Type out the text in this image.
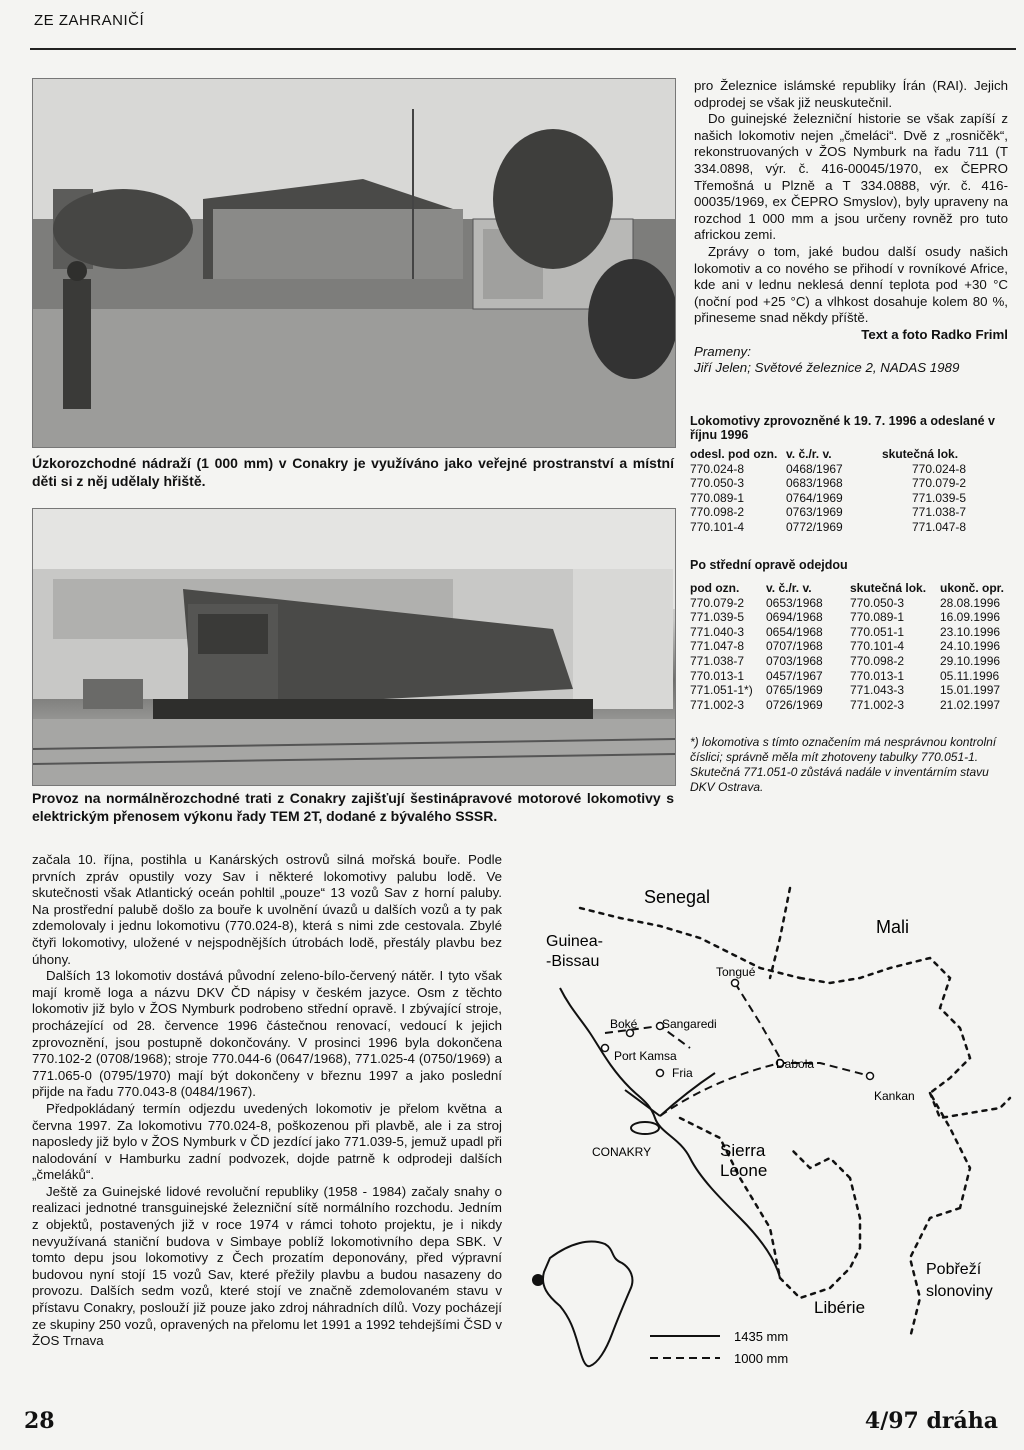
ZE ZAHRANIČÍ
Úzkorozchodné nádraží (1 000 mm) v Conakry je využíváno jako veřejné prostranství a místní děti si z něj udělaly hřiště.
Provoz na normálněrozchodné trati z Conakry zajišťují šestinápravové motorové lokomotivy s elektrickým přenosem výkonu řady TEM 2T, dodané z bývalého SSSR.

začala 10. října, postihla u Kanárských ostrovů silná mořská bouře. Podle prvních zpráv opustily vozy Sav i některé lokomotivy palubu lodě. Ve skutečnosti však Atlantický oceán pohltil „pouze“ 13 vozů Sav z horní paluby. Na prostřední palubě došlo za bouře k uvolnění úvazů u dalších vozů a ty pak zdemolovaly i jednu lokomotivu (770.024-8), která s nimi zde cestovala. Zbylé čtyři lokomotivy, uložené v nejspodnějších útrobách lodě, přestály plavbu bez úhony.

Dalších 13 lokomotiv dostává původní zeleno-bílo-červený nátěr. I tyto však mají kromě loga a názvu DKV ČD nápisy v českém jazyce. Osm z těchto lokomotiv již bylo v ŽOS Nymburk podrobeno střední opravě. I zbývající stroje, procházející od 28. července 1996 částečnou renovací, vedoucí k jejich zprovoznění, jsou postupně dokončovány. V prosinci 1996 byla dokončena 770.102-2 (0708/1968); stroje 770.044-6 (0647/1968), 771.025-4 (0750/1969) a 771.065-0 (0795/1970) mají být dokončeny v březnu 1997 a jako poslední přijde na řadu 770.043-8 (0484/1967).

Předpokládaný termín odjezdu uvedených lokomotiv je přelom května a června 1997. Za lokomotivu 770.024-8, poškozenou při plavbě, ale i za stroj naposledy již bylo v ŽOS Nymburk v ČD jezdící jako 771.039-5, jemuž upadl při nalodování v Hamburku zadní podvozek, dojde patrně k odprodeji dalších „čmeláků“.

Ještě za Guinejské lidové revoluční republiky (1958 - 1984) začaly snahy o realizaci jednotné transguinejské železniční sítě normálního rozchodu. Jedním z objektů, postavených již v roce 1974 v rámci tohoto projektu, je i nikdy nevyužívaná staniční budova v Simbaye poblíž lokomotivního depa SBK. V tomto depu jsou lokomotivy z Čech prozatím deponovány, před výpravní budovou nyní stojí 15 vozů Sav, které přežily plavbu a budou nasazeny do provozu. Dalších sedm vozů, které stojí ve značně zdemolovaném stavu v přístavu Conakry, poslouží již pouze jako zdroj náhradních dílů. Vozy pocházejí ze skupiny 250 vozů, opravených na přelomu let 1991 a 1992 tehdejšími ČSD v ŽOS Trnava

pro Železnice islámské republiky Írán (RAI). Jejich odprodej se však již neuskutečnil.

Do guinejské železniční historie se však zapíší z našich lokomotiv nejen „čmeláci“. Dvě z „rosničěk“, rekonstruovaných v ŽOS Nymburk na řadu 711 (T 334.0898, výr. č. 416-00045/1970, ex ČEPRO Třemošná u Plzně a T 334.0888, výr. č. 416-00035/1969, ex ČEPRO Smyslov), byly upraveny na rozchod 1 000 mm a jsou určeny rovněž pro tuto africkou zemi.

Zprávy o tom, jaké budou další osudy našich lokomotiv a co nového se přihodí v rovníkové Africe, kde ani v lednu neklesá denní teplota pod +30 °C (noční pod +25 °C) a vlhkost dosahuje kolem 80 %, přineseme snad někdy příště.

Text a foto Radko Friml

Prameny:

Jiří Jelen; Světové železnice 2, NADAS 1989

Lokomotivy zprovozněné k 19. 7. 1996 a odeslané v říjnu 1996
odesl. pod ozn.	v. č./r. v.	skutečná lok.
770.024-8	0468/1967	770.024-8
770.050-3	0683/1968	770.079-2
770.089-1	0764/1969	771.039-5
770.098-2	0763/1969	771.038-7
770.101-4	0772/1969	771.047-8
Po střední opravě odejdou
pod ozn.	v. č./r. v.	skutečná lok.	ukonč. opr.
770.079-2	0653/1968	770.050-3	28.08.1996
771.039-5	0694/1968	770.089-1	16.09.1996
771.040-3	0654/1968	770.051-1	23.10.1996
771.047-8	0707/1968	770.101-4	24.10.1996
771.038-7	0703/1968	770.098-2	29.10.1996
770.013-1	0457/1967	770.013-1	05.11.1996
771.051-1*)	0765/1969	771.043-3	15.01.1997
771.002-3	0726/1969	771.002-3	21.02.1997
*) lokomotiva s tímto označením má nesprávnou kontrolní číslici; správně měla mít zhotoveny tabulky 770.051-1. Skutečná 771.051-0 zůstává nadále v inventárním stavu DKV Ostrava.
Senegal
Mali
Guinea-
-Bissau
Sierra
Leone
Libérie
Pobřeží
slonoviny
Tongué
Boké Sangaredi
Port Kamsa
Fria
Dabola
Kankan
CONAKRY
1435 mm
1000 mm
28	4/97 dráha
